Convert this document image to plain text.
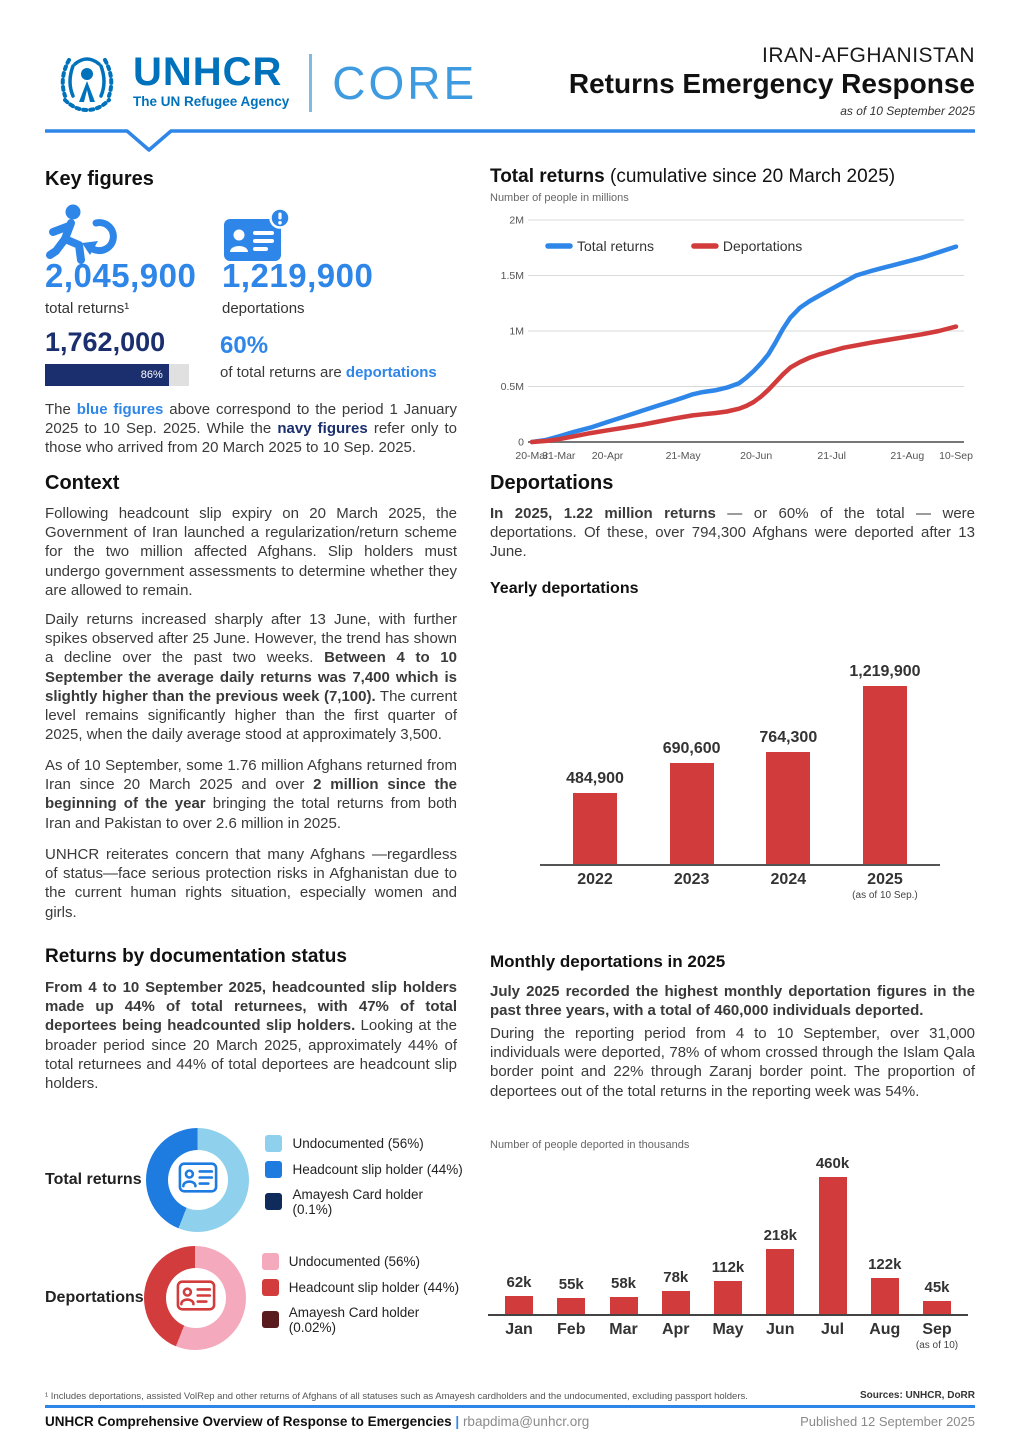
UNHCR
The UN Refugee Agency CORE
IRAN-AFGHANISTAN
Returns Emergency Response
as of 10 September 2025
Key figures
2,045,900
total returns¹
1,219,900
deportations
1,762,000
86%
60%
of total returns are deportations
The blue figures above correspond to the period 1 January 2025 to 10 Sep. 2025. While the navy figures refer only to those who arrived from 20 March 2025 to 10 Sep. 2025.
Context
Following headcount slip expiry on 20 March 2025, the Government of Iran launched a regularization/return scheme for the two million affected Afghans. Slip holders must undergo government assessments to determine whether they are allowed to remain.
Daily returns increased sharply after 13 June, with further spikes observed after 25 June. However, the trend has shown a decline over the past two weeks. Between 4 to 10 September the average daily returns was 7,400 which is slightly higher than the previous week (7,100). The current level remains significantly higher than the first quarter of 2025, when the daily average stood at approximately 3,500.
As of 10 September, some 1.76 million Afghans returned from Iran since 20 March 2025 and over 2 million since the beginning of the year bringing the total returns from both Iran and Pakistan to over 2.6 million in 2025.
UNHCR reiterates concern that many Afghans —regardless of status—face serious protection risks in Afghanistan due to the current human rights situation, especially women and girls.
Returns by documentation status
From 4 to 10 September 2025, headcounted slip holders made up 44% of total returnees, with 47% of total deportees being headcounted slip holders. Looking at the broader period since 20 March 2025, approximately 44% of total returnees and 44% of total deportees are headcount slip holders.
Total returns
Undocumented (56%)
Headcount slip holder (44%)
Amayesh Card holder (0.1%)
Deportations
Undocumented (56%)
Headcount slip holder (44%)
Amayesh Card holder (0.02%)
Total returns (cumulative since 20 March 2025)
Number of people in millions
2M
1.5M
1M
0.5M
0
20-Mar
31-Mar 20-Apr	21-May	20-Jun	21-Jul	21-Aug 10-Sep
Total returns	Deportations
Deportations
In 2025, 1.22 million returns — or 60% of the total — were deportations. Of these, over 794,300 Afghans were deported after 13 June.
Yearly deportations
484,900
690,600
764,300
1,219,900
2022	2023	2024	2025
(as of 10 Sep.)
Monthly deportations in 2025
July 2025 recorded the highest monthly deportation figures in the past three years, with a total of 460,000 individuals deported.
During the reporting period from 4 to 10 September, over 31,000 individuals were deported, 78% of whom crossed through the Islam Qala border point and 22% through Zaranj border point. The proportion of deportees out of the total returns in the reporting week was 54%.
Number of people deported in thousands
62k 55k 58k 78k
112k
218k
460k
122k
45k
Jan	Feb	Mar	Apr	May	Jun	Jul	Aug	Sep
(as of 10)
¹ Includes deportations, assisted VolRep and other returns of Afghans of all statuses such as Amayesh cardholders and the undocumented, excluding passport holders.	Sources: UNHCR, DoRR
UNHCR Comprehensive Overview of Response to Emergencies | rbapdima@unhcr.org	Published 12 September 2025
